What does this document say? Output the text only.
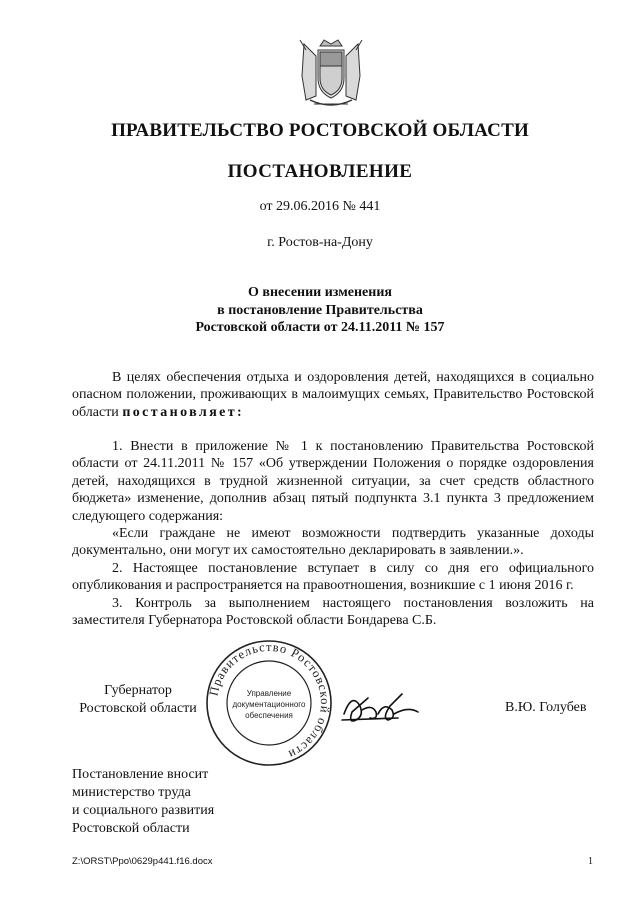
ПРАВИТЕЛЬСТВО РОСТОВСКОЙ ОБЛАСТИ
ПОСТАНОВЛЕНИЕ
от 29.06.2016 № 441
г. Ростов-на-Дону
О внесении изменения
в постановление Правительства
Ростовской области от 24.11.2011 № 157

В целях обеспечения отдыха и оздоровления детей, находящихся в социально опасном положении, проживающих в малоимущих семьях, Правительство Ростовской области постановляет:

1. Внести в приложение № 1 к постановлению Правительства Ростовской области от 24.11.2011 № 157 «Об утверждении Положения о порядке оздоровления детей, находящихся в трудной жизненной ситуации, за счет средств областного бюджета» изменение, дополнив абзац пятый подпункта 3.1 пункта 3 предложением следующего содержания:

«Если граждане не имеют возможности подтвердить указанные доходы документально, они могут их самостоятельно декларировать в заявлении.».

2. Настоящее постановление вступает в силу со дня его официального опубликования и распространяется на правоотношения, возникшие с 1 июня 2016 г.

3. Контроль за выполнением настоящего постановления возложить на заместителя Губернатора Ростовской области Бондарева С.Б.

Губернатор
Ростовской области
Правительство Ростовской области
Управление
документационного
обеспечения
В.Ю. Голубев
Постановление вносит
министерство труда
и социального развития
Ростовской области
Z:\ORST\Ppo\0629p441.f16.docx	1
